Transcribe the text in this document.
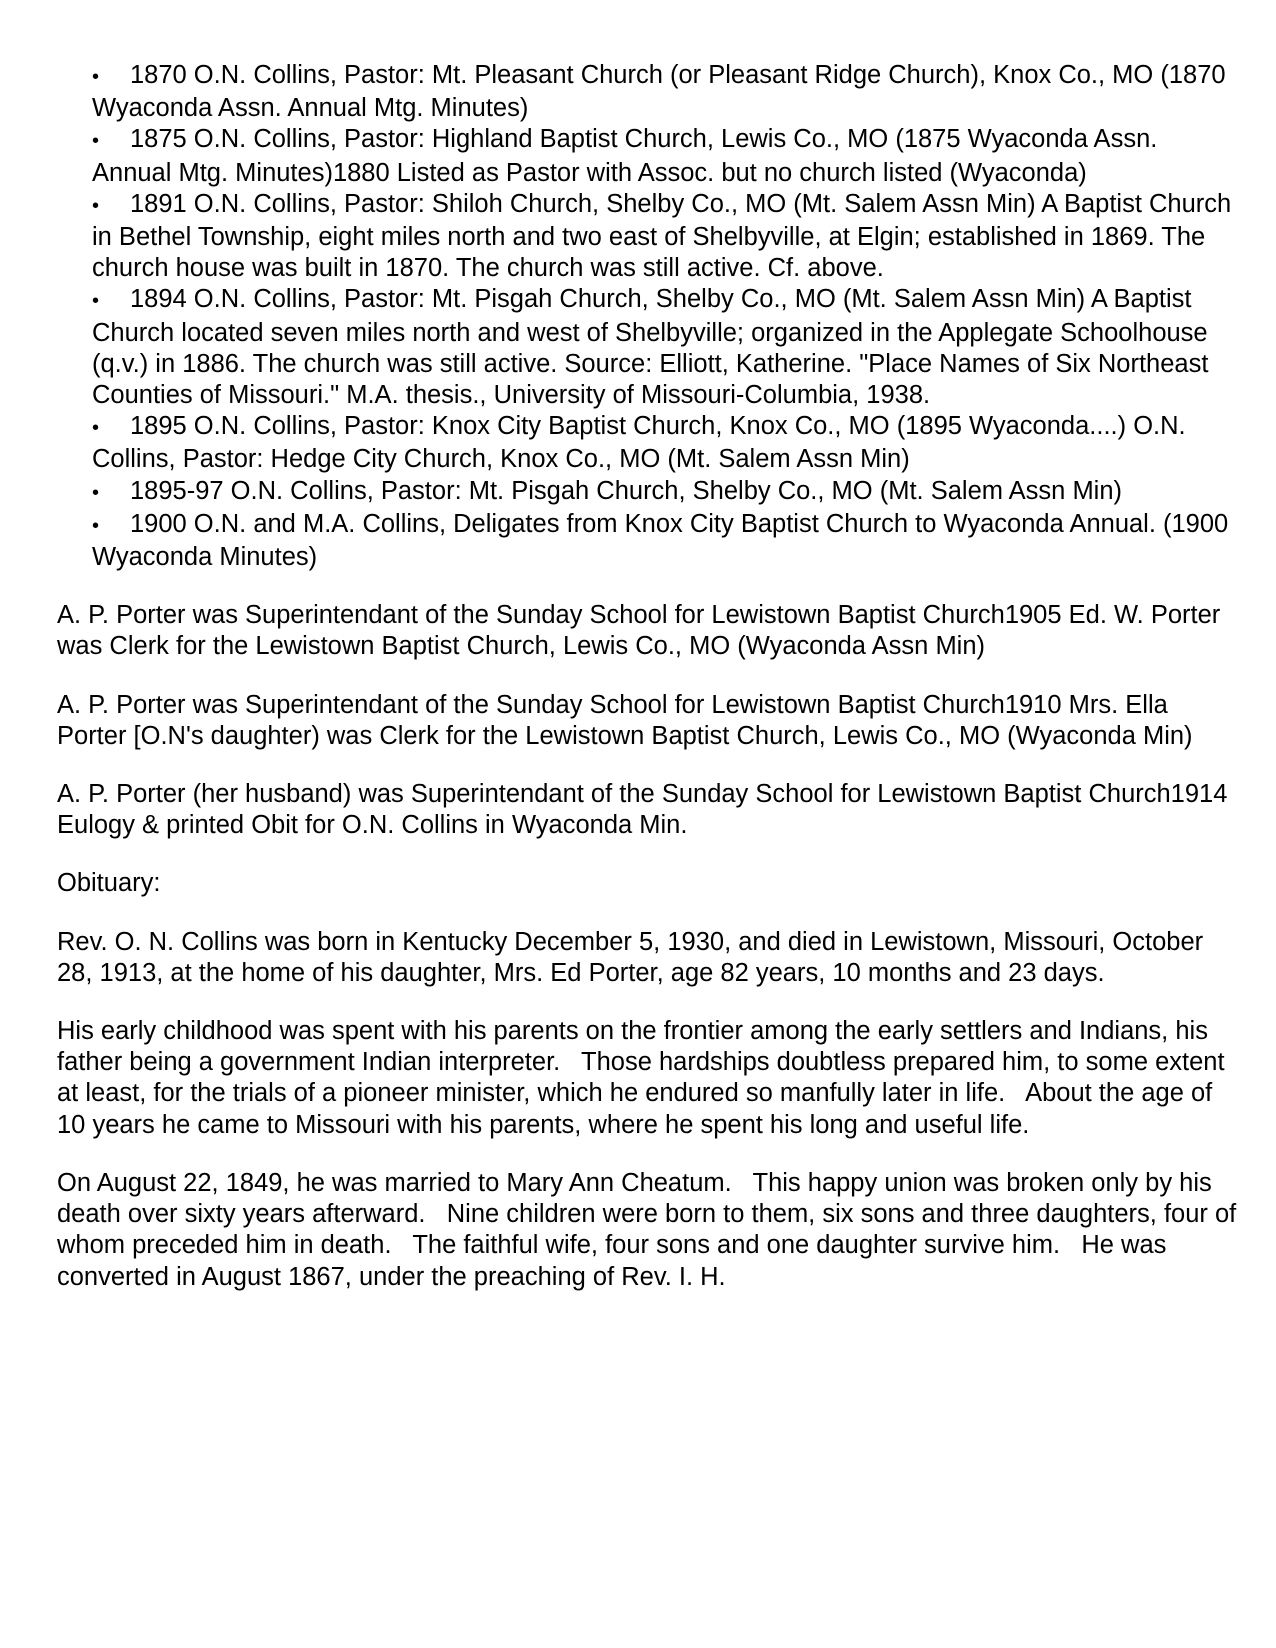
• 1870 O.N. Collins, Pastor: Mt. Pleasant Church (or Pleasant Ridge Church), Knox Co., MO (1870 Wyaconda Assn. Annual Mtg. Minutes)
• 1875 O.N. Collins, Pastor: Highland Baptist Church, Lewis Co., MO (1875 Wyaconda Assn. Annual Mtg. Minutes)1880 Listed as Pastor with Assoc. but no church listed (Wyaconda)
• 1891 O.N. Collins, Pastor: Shiloh Church, Shelby Co., MO (Mt. Salem Assn Min) A Baptist Church in Bethel Township, eight miles north and two east of Shelbyville, at Elgin; established in 1869. The church house was built in 1870. The church was still active. Cf. above.
• 1894 O.N. Collins, Pastor: Mt. Pisgah Church, Shelby Co., MO (Mt. Salem Assn Min) A Baptist Church located seven miles north and west of Shelbyville; organized in the Applegate Schoolhouse (q.v.) in 1886. The church was still active. Source: Elliott, Katherine. "Place Names of Six Northeast Counties of Missouri." M.A. thesis., University of Missouri-Columbia, 1938.
• 1895 O.N. Collins, Pastor: Knox City Baptist Church, Knox Co., MO (1895 Wyaconda....) O.N. Collins, Pastor: Hedge City Church, Knox Co., MO (Mt. Salem Assn Min)
• 1895-97 O.N. Collins, Pastor: Mt. Pisgah Church, Shelby Co., MO (Mt. Salem Assn Min)
• 1900 O.N. and M.A. Collins, Deligates from Knox City Baptist Church to Wyaconda Annual. (1900 Wyaconda Minutes)

A. P. Porter was Superintendant of the Sunday School for Lewistown Baptist Church1905 Ed. W. Porter was Clerk for the Lewistown Baptist Church, Lewis Co., MO (Wyaconda Assn Min)

A. P. Porter was Superintendant of the Sunday School for Lewistown Baptist Church1910 Mrs. Ella Porter [O.N's daughter) was Clerk for the Lewistown Baptist Church, Lewis Co., MO (Wyaconda Min)

A. P. Porter (her husband) was Superintendant of the Sunday School for Lewistown Baptist Church1914 Eulogy & printed Obit for O.N. Collins in Wyaconda Min.

Obituary:

Rev. O. N. Collins was born in Kentucky December 5, 1930, and died in Lewistown, Missouri, October 28, 1913, at the home of his daughter, Mrs. Ed Porter, age 82 years, 10 months and 23 days.

His early childhood was spent with his parents on the frontier among the early settlers and Indians, his father being a government Indian interpreter.   Those hardships doubtless prepared him, to some extent at least, for the trials of a pioneer minister, which he endured so manfully later in life.   About the age of 10 years he came to Missouri with his parents, where he spent his long and useful life.

On August 22, 1849, he was married to Mary Ann Cheatum.   This happy union was broken only by his death over sixty years afterward.   Nine children were born to them, six sons and three daughters, four of whom preceded him in death.   The faithful wife, four sons and one daughter survive him.   He was converted in August 1867, under the preaching of Rev. I. H.
